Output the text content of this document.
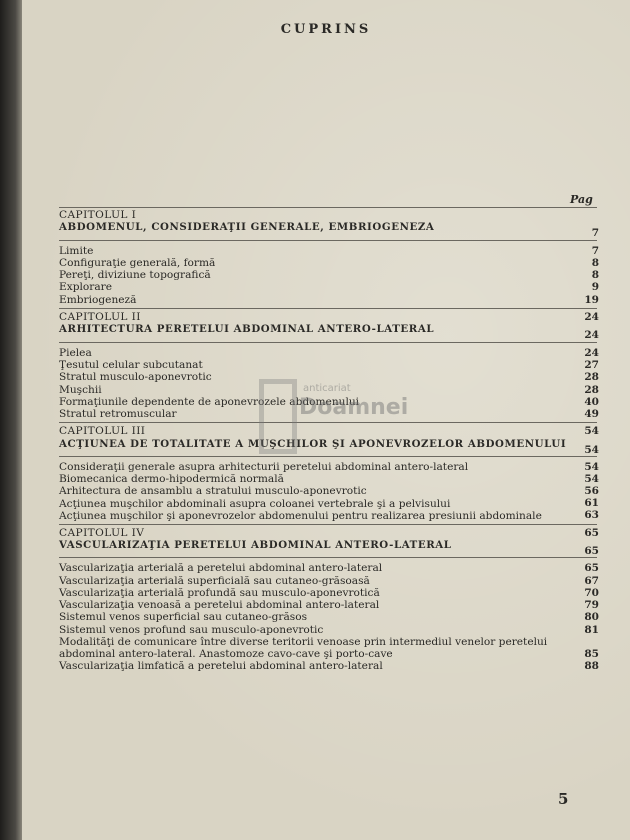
CUPRINS
Pag
CAPITOLUL I
ABDOMENUL, CONSIDERAŢII GENERALE, EMBRIOGENEZA	7
Limite	7
Configuraţie generală, formă	8
Pereţi, diviziune topografică	8
Explorare	9
Embriogeneză	19
CAPITOLUL II	24
ARHITECTURA PERETELUI ABDOMINAL ANTERO-LATERAL	24
Pielea	24
Ţesutul celular subcutanat	27
Stratul musculo-aponevrotic	28
Muşchii	28
Formaţiunile dependente de aponevrozele abdomenului	40
Stratul retromuscular	49
CAPITOLUL III	54
ACŢIUNEA DE TOTALITATE A MUŞCHILOR ŞI APONEVROZELOR ABDOMENULUI	54
Consideraţii generale asupra arhitecturii peretelui abdominal antero-lateral	54
Biomecanica dermo-hipodermică normală	54
Arhitectura de ansamblu a stratului musculo-aponevrotic	56
Acţiunea muşchilor abdominali asupra coloanei vertebrale şi a pelvisului	61
Acţiunea muşchilor şi aponevrozelor abdomenului pentru realizarea presiunii abdominale	63
CAPITOLUL IV	65
VASCULARIZAŢIA PERETELUI ABDOMINAL ANTERO-LATERAL	65
Vascularizaţia arterială a peretelui abdominal antero-lateral	65
Vascularizaţia arterială superficială sau cutaneo-grăsoasă	67
Vascularizaţia arterială profundă sau musculo-aponevrotică	70
Vascularizaţia venoasă a peretelui abdominal antero-lateral	79
Sistemul venos superficial sau cutaneo-grăsos	80
Sistemul venos profund sau musculo-aponevrotic	81
Modalităţi de comunicare între diverse teritorii venoase prin intermediul venelor peretelui abdominal antero-lateral. Anastomoze cavo-cave şi porto-cave	85
Vascularizaţia limfatică a peretelui abdominal antero-lateral	88
anticariat
Doamnei
5
